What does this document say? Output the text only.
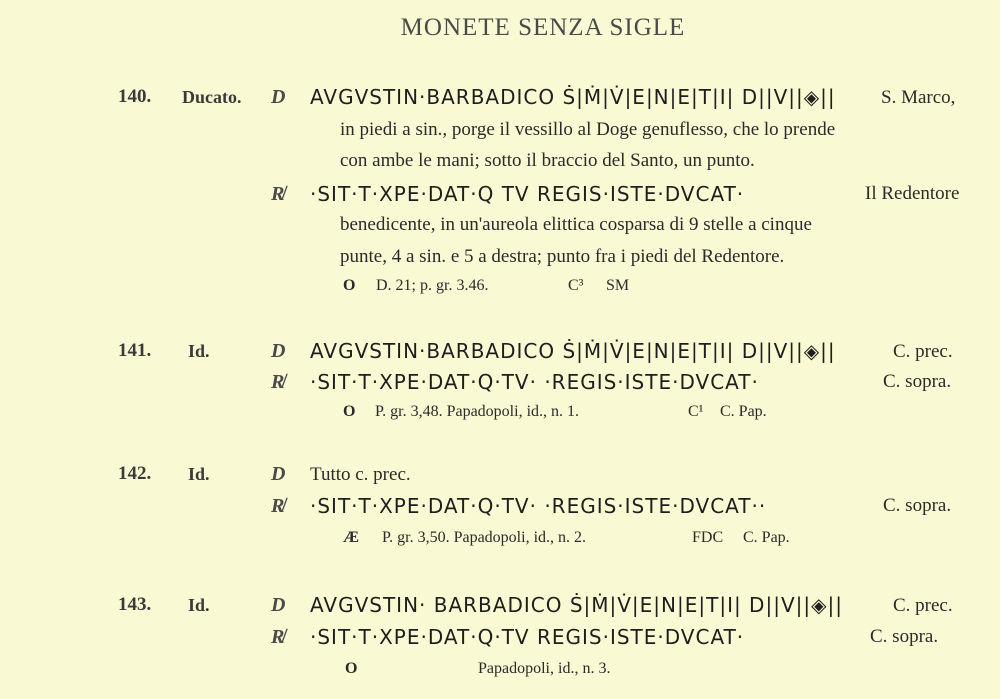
MONETE SENZA SIGLE
140. Ducato. D AVGVSTIN·BARBADICO Ṡ|Ṁ|V̇|E|N|E|T|I| D||V||◈|| S. Marco,
in piedi a sin., porge il vessillo al Doge genuflesso, che lo prende
con ambe le mani; sotto il braccio del Santo, un punto.
R̸ ·SIT·T·XPE·DAT·Q TV REGIS·ISTE·DVCAT·	Il Redentore
benedicente, in un'aureola elittica cosparsa di 9 stelle a cinque
punte, 4 a sin. e 5 a destra; punto fra i piedi del Redentore.
O D. 21; p. gr. 3.46.	C³ SM
141. Id.	D AVGVSTIN·BARBADICO Ṡ|Ṁ|V̇|E|N|E|T|I| D||V||◈||	C. prec.
R̸ ·SIT·T·XPE·DAT·Q·TV· ·REGIS·ISTE·DVCAT·	C. sopra.
O P. gr. 3,48. Papadopoli, id., n. 1.	C¹ C. Pap.
142. Id.	D Tutto c. prec.
R̸ ·SIT·T·XPE·DAT·Q·TV· ·REGIS·ISTE·DVCAT··	C. sopra.
Æ P. gr. 3,50. Papadopoli, id., n. 2.	FDC C. Pap.
143. Id.	D AVGVSTIN· BARBADICO Ṡ|Ṁ|V̇|E|N|E|T|I| D||V||◈||	C. prec.
R̸ ·SIT·T·XPE·DAT·Q·TV REGIS·ISTE·DVCAT·	C. sopra.
O	Papadopoli, id., n. 3.
